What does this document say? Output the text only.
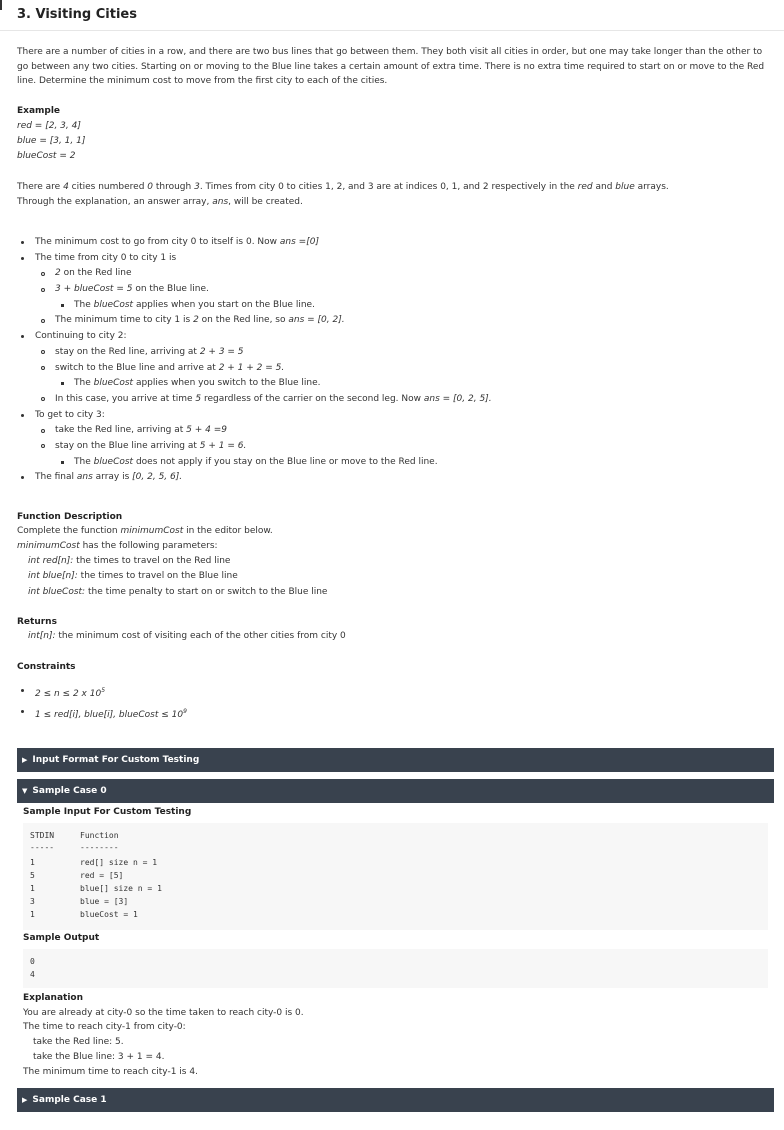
3. Visiting Cities
There are a number of cities in a row, and there are two bus lines that go between them. They both visit all cities in order, but one may take longer than the other to go between any two cities. Starting on or moving to the Blue line takes a certain amount of extra time. There is no extra time required to start on or move to the Red line. Determine the minimum cost to move from the first city to each of the cities.
Example
red = [2, 3, 4]
blue = [3, 1, 1]
blueCost = 2
There are 4 cities numbered 0 through 3. Times from city 0 to cities 1, 2, and 3 are at indices 0, 1, and 2 respectively in the red and blue arrays.
Through the explanation, an answer array, ans, will be created.
The minimum cost to go from city 0 to itself is 0. Now ans =[0]
The time from city 0 to city 1 is
2 on the Red line
3 + blueCost = 5 on the Blue line.
The blueCost applies when you start on the Blue line.
The minimum time to city 1 is 2 on the Red line, so ans = [0, 2].
Continuing to city 2:
stay on the Red line, arriving at 2 + 3 = 5
switch to the Blue line and arrive at 2 + 1 + 2 = 5.
The blueCost applies when you switch to the Blue line.
In this case, you arrive at time 5 regardless of the carrier on the second leg. Now ans = [0, 2, 5].
To get to city 3:
take the Red line, arriving at 5 + 4 =9
stay on the Blue line arriving at 5 + 1 = 6.
The blueCost does not apply if you stay on the Blue line or move to the Red line.
The final ans array is [0, 2, 5, 6].
Function Description
Complete the function minimumCost in the editor below.
minimumCost has the following parameters:
int red[n]: the times to travel on the Red line
int blue[n]: the times to travel on the Blue line
int blueCost: the time penalty to start on or switch to the Blue line
Returns
int[n]: the minimum cost of visiting each of the other cities from city 0
Constraints
2 ≤ n ≤ 2 x $10^5$
1 ≤ red[i], blue[i], blueCost ≤ $10^9$
▶ Input Format For Custom Testing
▼ Sample Case 0
Sample Input For Custom Testing
STDIN	Function
-----	--------
1	red[] size n = 1
5	red = [5]
1	blue[] size n = 1
3	blue = [3]
1	blueCost = 1
Sample Output
0
4
Explanation
You are already at city-0 so the time taken to reach city-0 is 0.
The time to reach city-1 from city-0:
take the Red line: 5.
take the Blue line: 3 + 1 = 4.
The minimum time to reach city-1 is 4.
▶ Sample Case 1
